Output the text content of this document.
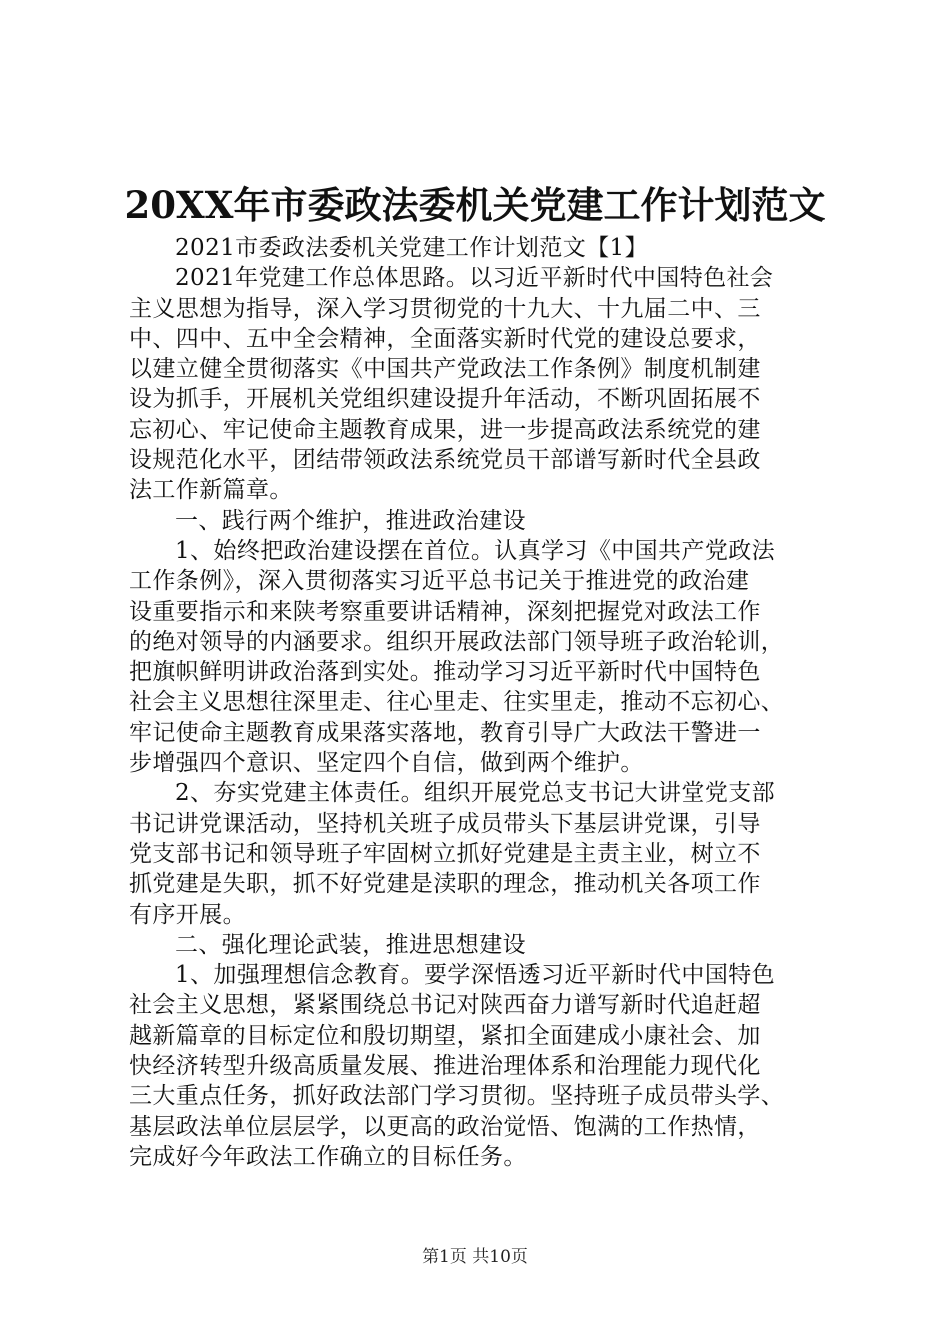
20XX年市委政法委机关党建工作计划范文
2021市委政法委机关党建工作计划范文【1】
2021年党建工作总体思路。以习近平新时代中国特色社会
主义思想为指导，深入学习贯彻党的十九大、十九届二中、三
中、四中、五中全会精神，全面落实新时代党的建设总要求，
以建立健全贯彻落实《中国共产党政法工作条例》制度机制建
设为抓手，开展机关党组织建设提升年活动，不断巩固拓展不
忘初心、牢记使命主题教育成果，进一步提高政法系统党的建
设规范化水平，团结带领政法系统党员干部谱写新时代全县政
法工作新篇章。
一、践行两个维护，推进政治建设
1、始终把政治建设摆在首位。认真学习《中国共产党政法
工作条例》，深入贯彻落实习近平总书记关于推进党的政治建
设重要指示和来陕考察重要讲话精神，深刻把握党对政法工作
的绝对领导的内涵要求。组织开展政法部门领导班子政治轮训，
把旗帜鲜明讲政治落到实处。推动学习习近平新时代中国特色
社会主义思想往深里走、往心里走、往实里走，推动不忘初心、
牢记使命主题教育成果落实落地，教育引导广大政法干警进一
步增强四个意识、坚定四个自信，做到两个维护。
2、夯实党建主体责任。组织开展党总支书记大讲堂党支部
书记讲党课活动，坚持机关班子成员带头下基层讲党课，引导
党支部书记和领导班子牢固树立抓好党建是主责主业，树立不
抓党建是失职，抓不好党建是渎职的理念，推动机关各项工作
有序开展。
二、强化理论武装，推进思想建设
1、加强理想信念教育。要学深悟透习近平新时代中国特色
社会主义思想，紧紧围绕总书记对陕西奋力谱写新时代追赶超
越新篇章的目标定位和殷切期望，紧扣全面建成小康社会、加
快经济转型升级高质量发展、推进治理体系和治理能力现代化
三大重点任务，抓好政法部门学习贯彻。坚持班子成员带头学、
基层政法单位层层学，以更高的政治觉悟、饱满的工作热情，
完成好今年政法工作确立的目标任务。
第1页 共10页
